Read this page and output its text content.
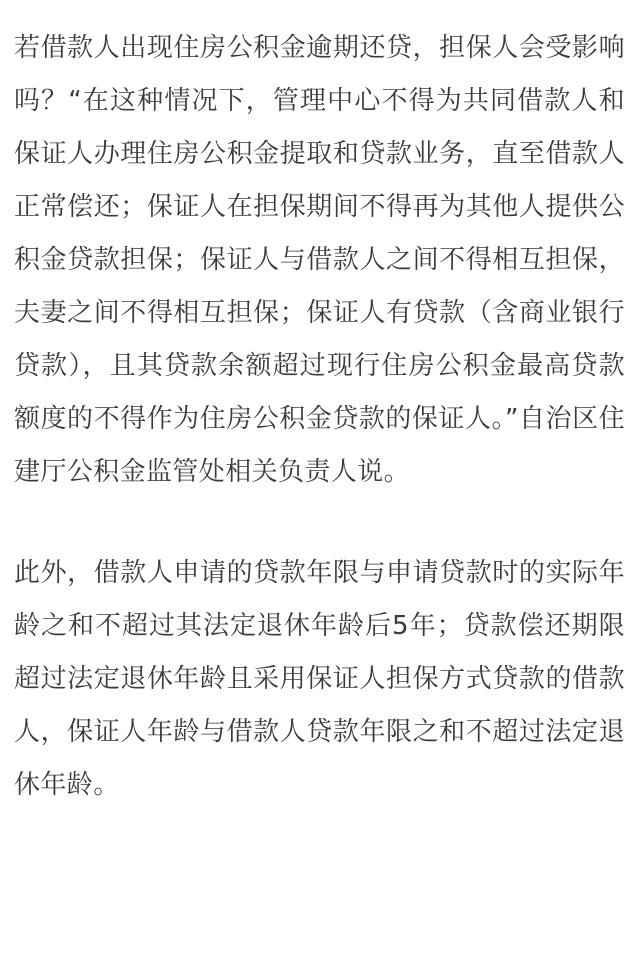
若借款人出现住房公积金逾期还贷，担保人会受影响吗？“在这种情况下，管理中心不得为共同借款人和保证人办理住房公积金提取和贷款业务，直至借款人正常偿还；保证人在担保期间不得再为其他人提供公积金贷款担保；保证人与借款人之间不得相互担保，夫妻之间不得相互担保；保证人有贷款（含商业银行贷款），且其贷款余额超过现行住房公积金最高贷款额度的不得作为住房公积金贷款的保证人。”自治区住建厅公积金监管处相关负责人说。

此外，借款人申请的贷款年限与申请贷款时的实际年龄之和不超过其法定退休年龄后5年；贷款偿还期限超过法定退休年龄且采用保证人担保方式贷款的借款人，保证人年龄与借款人贷款年限之和不超过法定退休年龄。
